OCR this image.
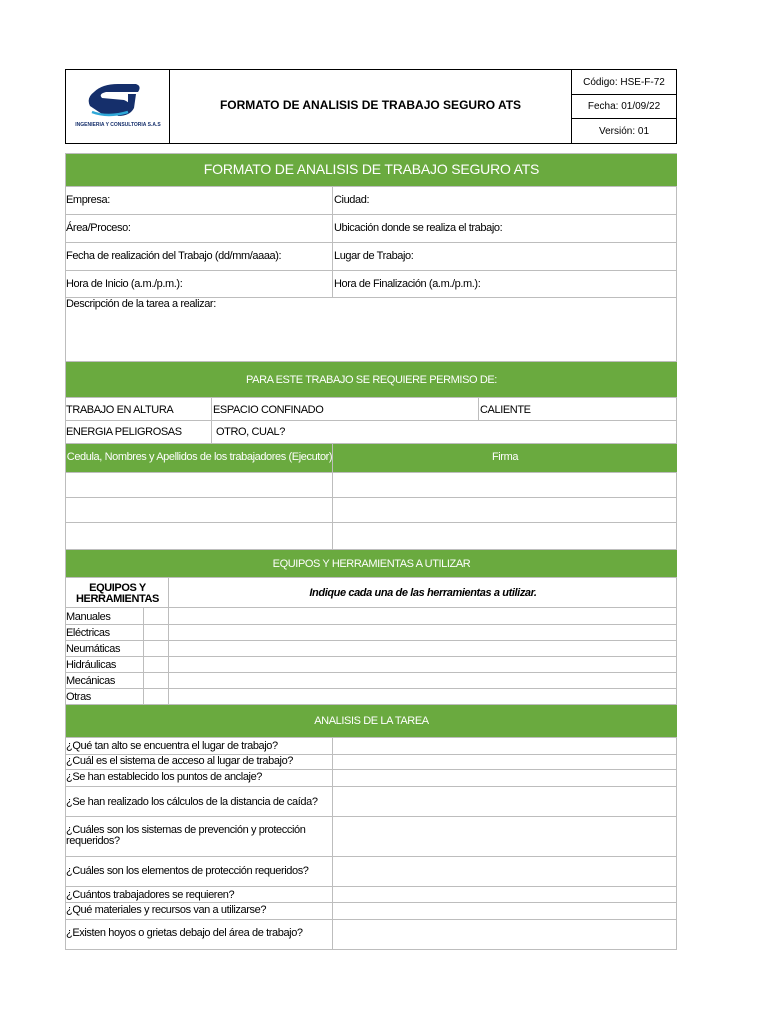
INGENIERIA Y CONSULTORIA S.A.S
FORMATO DE ANALISIS DE TRABAJO SEGURO ATS
Código: HSE-F-72
Fecha: 01/09/22
Versión: 01
FORMATO DE ANALISIS DE TRABAJO SEGURO ATS
Empresa:	Ciudad:
Área/Proceso:	Ubicación donde se realiza el trabajo:
Fecha de realización del Trabajo (dd/mm/aaaa):	Lugar de Trabajo:
Hora de Inicio (a.m./p.m.):	Hora de Finalización (a.m./p.m.):
Descripción de la tarea a realizar:
PARA ESTE TRABAJO SE REQUIERE PERMISO DE:
TRABAJO EN ALTURA	ESPACIO CONFINADO	CALIENTE
ENERGIA PELIGROSAS	OTRO, CUAL?
Cedula, Nombres y Apellidos de los trabajadores (Ejecutor)	Firma
EQUIPOS Y HERRAMIENTAS A UTILIZAR
EQUIPOS Y
HERRAMIENTAS	Indique cada una de las herramientas a utilizar.
Manuales
Eléctricas
Neumáticas
Hidráulicas
Mecánicas
Otras
ANALISIS DE LA TAREA
¿Qué tan alto se encuentra el lugar de trabajo?
¿Cuál es el sistema de acceso al lugar de trabajo?
¿Se han establecido los puntos de anclaje?
¿Se han realizado los cálculos de la distancia de caída?
¿Cuáles son los sistemas de prevención y protección
requeridos?
¿Cuáles son los elementos de protección requeridos?
¿Cuántos trabajadores se requieren?
¿Qué materiales y recursos van a utilizarse?
¿Existen hoyos o grietas debajo del área de trabajo?
